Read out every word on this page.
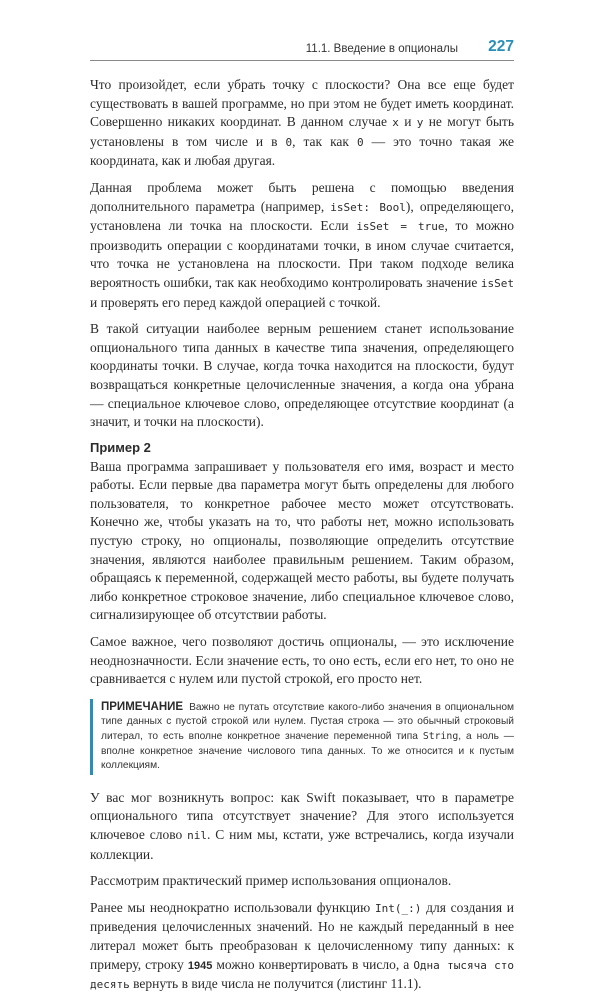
11.1. Введение в опционалы 227

Что произойдет, если убрать точку с плоскости? Она все еще будет существовать в вашей программе, но при этом не будет иметь координат. Совершенно никаких координат. В данном случае x и y не могут быть установлены в том числе и в 0, так как 0 — это точно такая же координата, как и любая другая.

Данная проблема может быть решена с помощью введения дополнительного параметра (например, isSet: Bool), определяющего, установлена ли точка на плоскости. Если isSet = true, то можно производить операции с координатами точки, в ином случае считается, что точка не установлена на плоскости. При таком подходе велика вероятность ошибки, так как необходимо контролировать значение isSet и проверять его перед каждой операцией с точкой.

В такой ситуации наиболее верным решением станет использование опционального типа данных в качестве типа значения, определяющего координаты точки. В случае, когда точка находится на плоскости, будут возвращаться конкретные целочисленные значения, а когда она убрана — специальное ключевое слово, определяющее отсутствие координат (а значит, и точки на плоскости).

Пример 2

Ваша программа запрашивает у пользователя его имя, возраст и место работы. Если первые два параметра могут быть определены для любого пользователя, то конкретное рабочее место может отсутствовать. Конечно же, чтобы указать на то, что работы нет, можно использовать пустую строку, но опционалы, позволяющие определить отсутствие значения, являются наиболее правильным решением. Таким образом, обращаясь к переменной, содержащей место работы, вы будете получать либо конкретное строковое значение, либо специальное ключевое слово, сигнализирующее об отсутствии работы.

Самое важное, чего позволяют достичь опционалы, — это исключение неоднозначности. Если значение есть, то оно есть, если его нет, то оно не сравнивается с нулем или пустой строкой, его просто нет.

ПРИМЕЧАНИЕ Важно не путать отсутствие какого-либо значения в опциональном типе данных с пустой строкой или нулем. Пустая строка — это обычный строковый литерал, то есть вполне конкретное значение переменной типа String, а ноль — вполне конкретное значение числового типа данных. То же относится и к пустым коллекциям.

У вас мог возникнуть вопрос: как Swift показывает, что в параметре опционального типа отсутствует значение? Для этого используется ключевое слово nil. С ним мы, кстати, уже встречались, когда изучали коллекции.

Рассмотрим практический пример использования опционалов.

Ранее мы неоднократно использовали функцию Int(_:) для создания и приведения целочисленных значений. Но не каждый переданный в нее литерал может быть преобразован к целочисленному типу данных: к примеру, строку 1945 можно конвертировать в число, а Одна тысяча сто десять вернуть в виде числа не получится (листинг 11.1).
